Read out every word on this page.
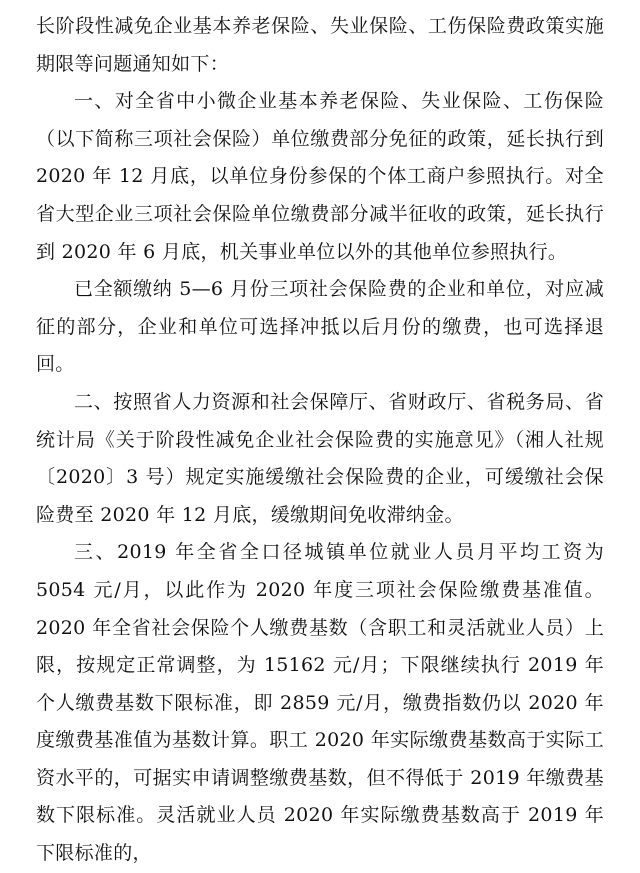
长阶段性减免企业基本养老保险、失业保险、工伤保险费政策实施期限等问题通知如下：

一、对全省中小微企业基本养老保险、失业保险、工伤保险（以下简称三项社会保险）单位缴费部分免征的政策，延长执行到 2020 年 12 月底，以单位身份参保的个体工商户参照执行。对全省大型企业三项社会保险单位缴费部分减半征收的政策，延长执行到 2020 年 6 月底，机关事业单位以外的其他单位参照执行。

已全额缴纳 5—6 月份三项社会保险费的企业和单位，对应减征的部分，企业和单位可选择冲抵以后月份的缴费，也可选择退回。

二、按照省人力资源和社会保障厅、省财政厅、省税务局、省统计局《关于阶段性减免企业社会保险费的实施意见》（湘人社规〔2020〕3 号）规定实施缓缴社会保险费的企业，可缓缴社会保险费至 2020 年 12 月底，缓缴期间免收滞纳金。

三、2019 年全省全口径城镇单位就业人员月平均工资为 5054 元/月，以此作为 2020 年度三项社会保险缴费基准值。2020 年全省社会保险个人缴费基数（含职工和灵活就业人员）上限，按规定正常调整，为 15162 元/月；下限继续执行 2019 年个人缴费基数下限标准，即 2859 元/月，缴费指数仍以 2020 年度缴费基准值为基数计算。职工 2020 年实际缴费基数高于实际工资水平的，可据实申请调整缴费基数，但不得低于 2019 年缴费基数下限标准。灵活就业人员 2020 年实际缴费基数高于 2019 年下限标准的，
